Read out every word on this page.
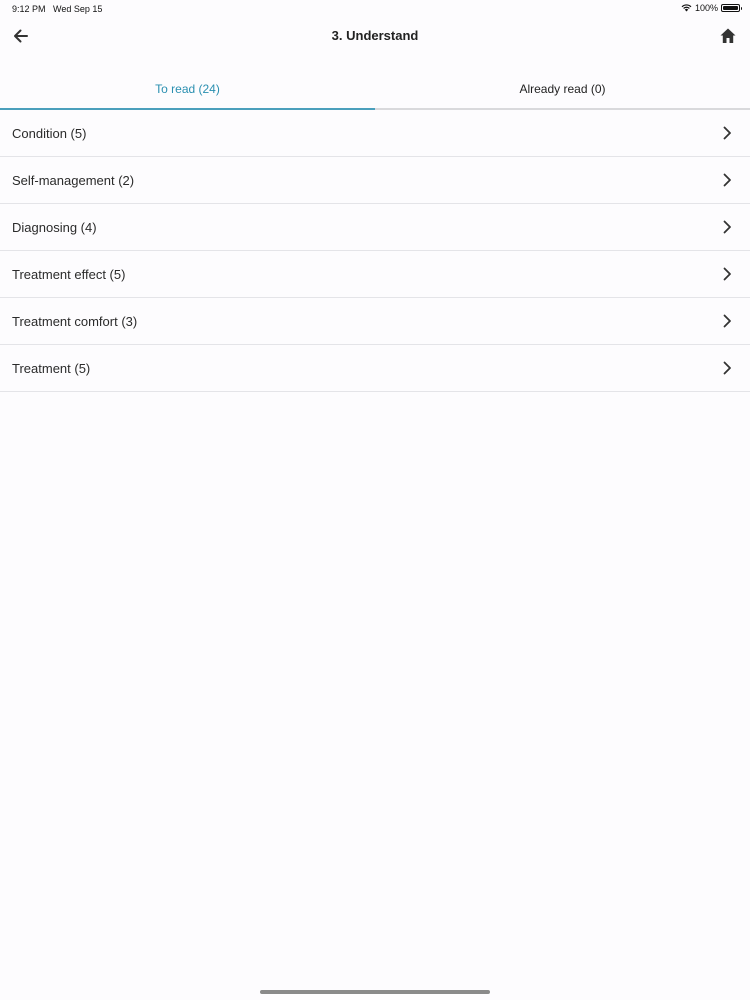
9:12 PM Wed Sep 15	100%
3. Understand
To read (24)	Already read (0)
Condition (5)
Self-management (2)
Diagnosing (4)
Treatment effect (5)
Treatment comfort (3)
Treatment (5)
